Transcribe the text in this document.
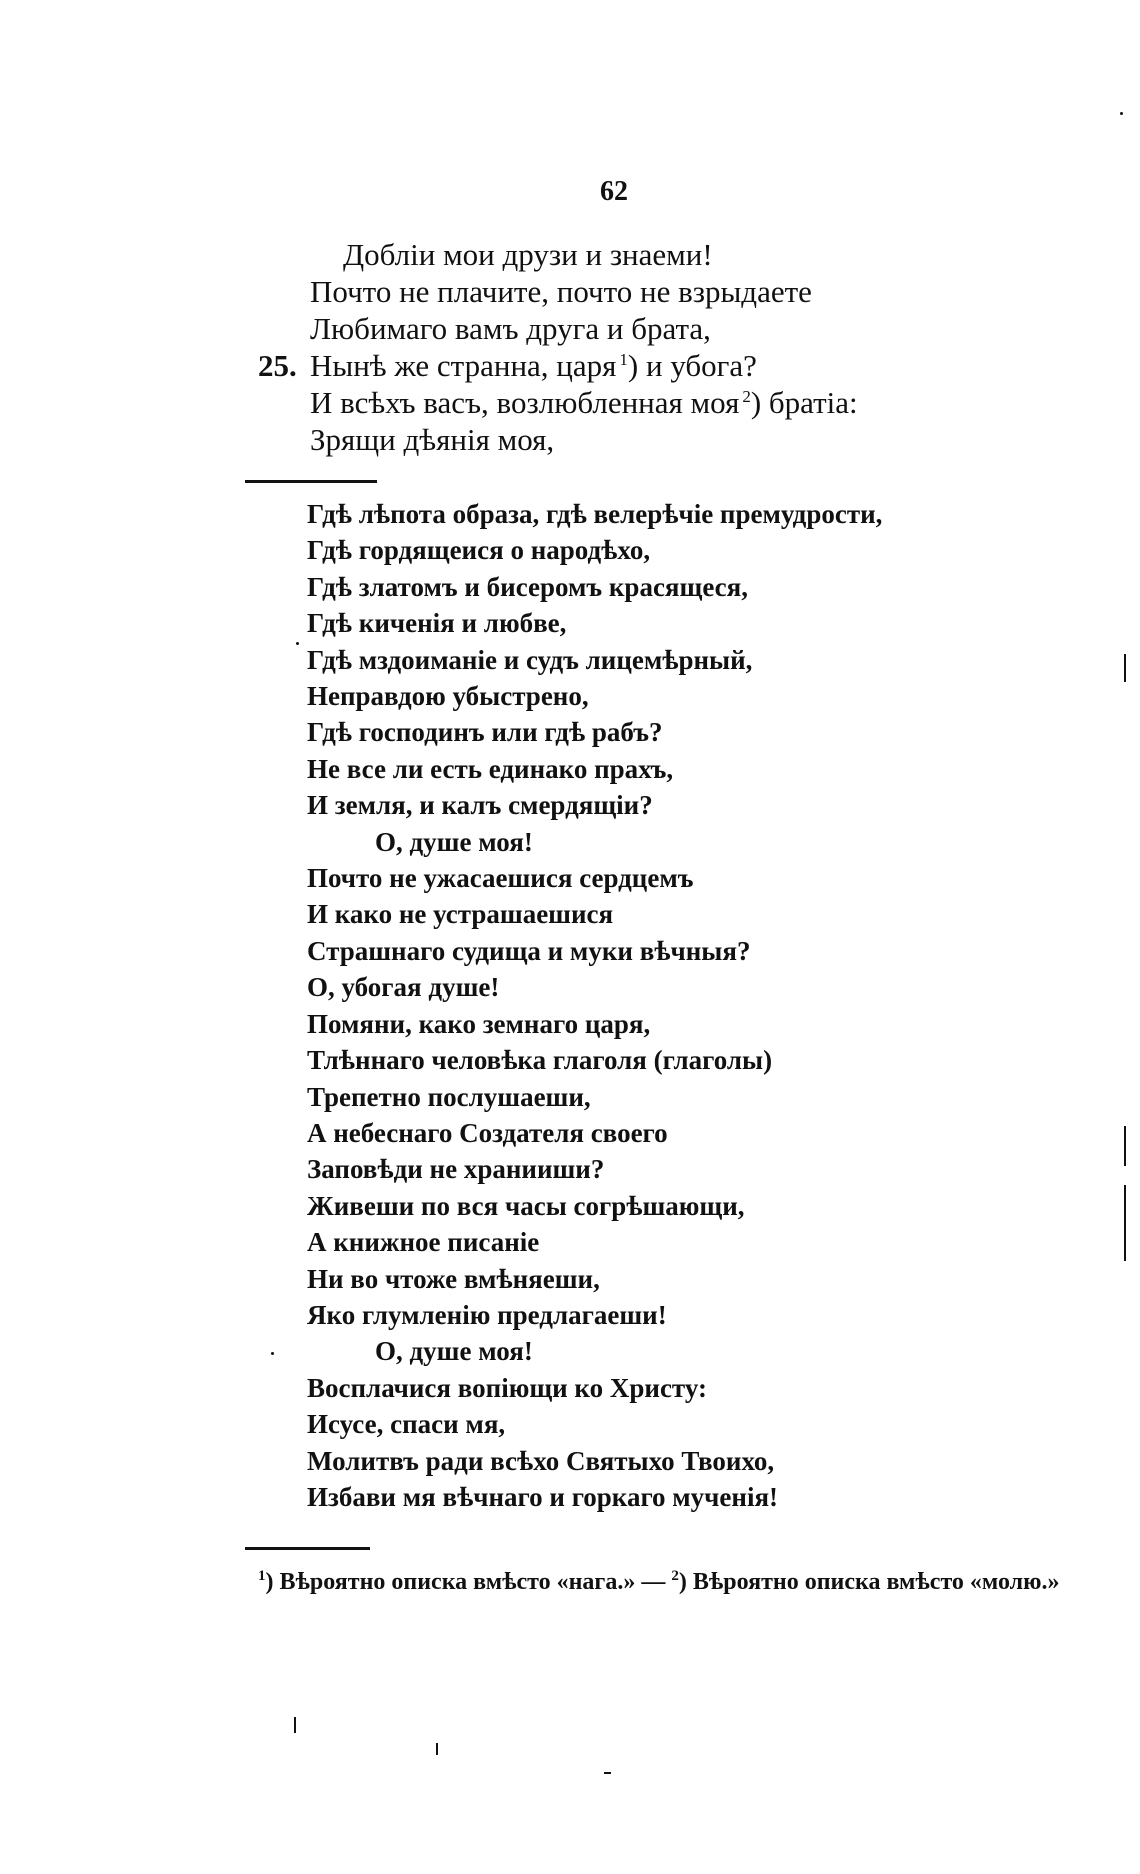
62
Доблiи мои друзи и знаеми!
Почто не плачите, почто не взрыдаете
Любимаго вамъ друга и брата,
25. Нынѣ же странна, царя $^1$) и убога?
И всѣхъ васъ, возлюбленная моя $^2$) братiа:
Зрящи дѣянiя моя,
Гдѣ лѣпота образа, гдѣ велерѣчiе премудрости,
Гдѣ гордящеися о народѣхо,
Гдѣ златомъ и бисеромъ красящеся,
Гдѣ киченiя и любве,
Гдѣ мздоиманiе и судъ лицемѣрный,
Неправдою убыстрено,
Гдѣ господинъ или гдѣ рабъ?
Не все ли есть единако прахъ,
И земля, и калъ смердящiи?
О, душе моя!
Почто не ужасаешися сердцемъ
И како не устрашаешися
Страшнаго судища и муки вѣчныя?
О, убогая душе!
Помяни, како земнаго царя,
Тлѣннаго человѣка глаголя (глаголы)
Трепетно послушаеши,
А небеснаго Создателя своего
Заповѣди не хранииши?
Живеши по вся часы согрѣшающи,
А книжное писанiе
Ни во чтоже вмѣняеши,
Яко глумленiю предлагаеши!
О, душе моя!
Восплачися вопiющи ко Христу:
Исусе, спаси мя,
Молитвъ ради всѣхо Святыхо Твоихо,
Избави мя вѣчнаго и горкаго мученiя!
$^1$) Вѣроятно описка вмѣсто «нага.» — $^2$) Вѣроятно описка вмѣсто «молю.»
